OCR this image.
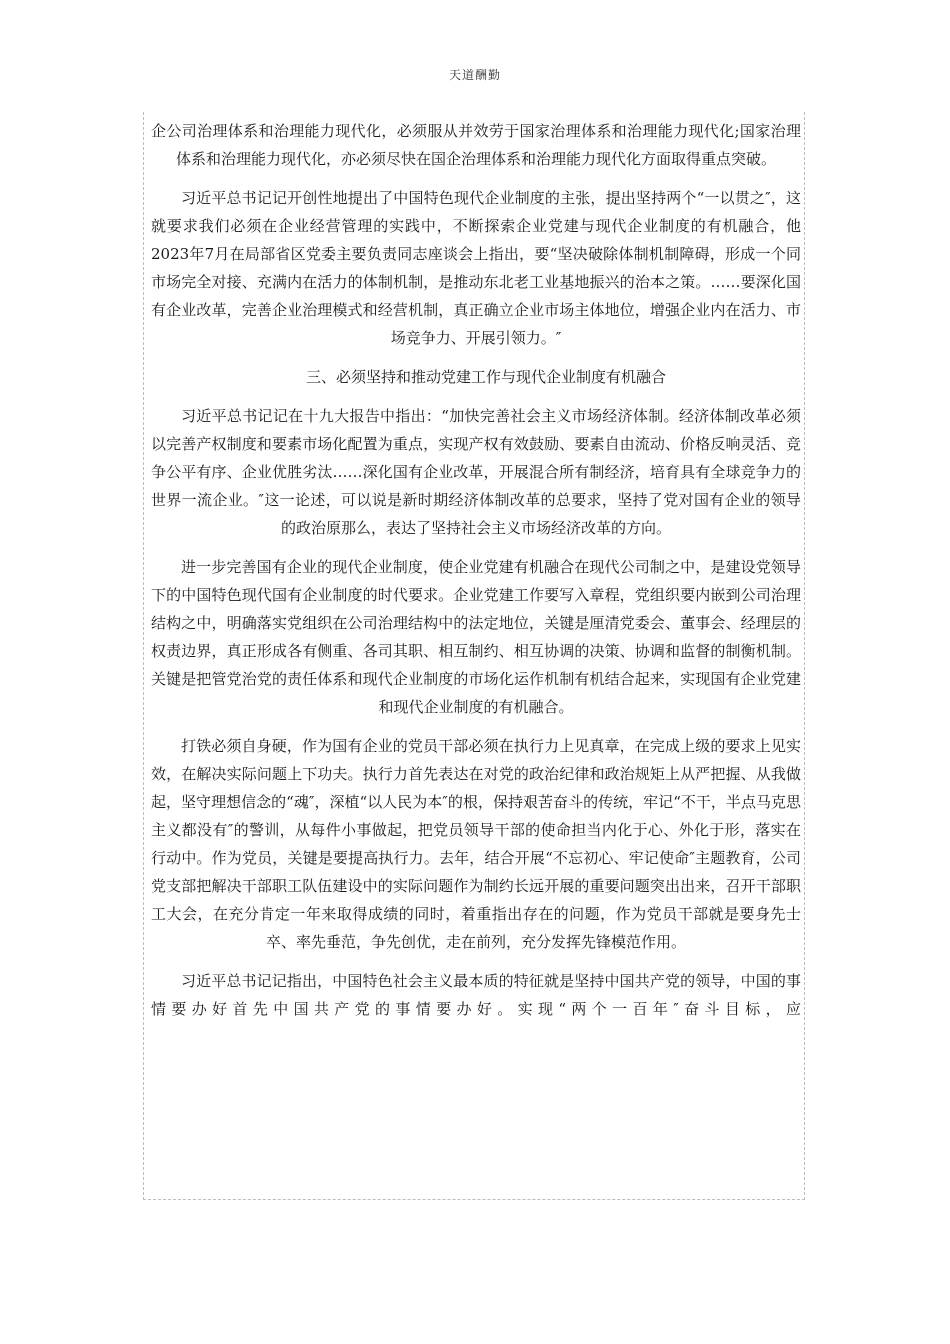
天道酬勤

企公司治理体系和治理能力现代化，必须服从并效劳于国家治理体系和治理能力现代化;国家治理体系和治理能力现代化，亦必须尽快在国企治理体系和治理能力现代化方面取得重点突破。

习近平总书记记开创性地提出了中国特色现代企业制度的主张，提出坚持两个“一以贯之″，这就要求我们必须在企业经营管理的实践中，不断探索企业党建与现代企业制度的有机融合，他2023年7月在局部省区党委主要负责同志座谈会上指出，要“坚决破除体制机制障碍，形成一个同市场完全对接、充满内在活力的体制机制，是推动东北老工业基地振兴的治本之策。……要深化国有企业改革，完善企业治理模式和经营机制，真正确立企业市场主体地位，增强企业内在活力、市场竞争力、开展引领力。″

三、必须坚持和推动党建工作与现代企业制度有机融合

习近平总书记记在十九大报告中指出：“加快完善社会主义市场经济体制。经济体制改革必须以完善产权制度和要素市场化配置为重点，实现产权有效鼓励、要素自由流动、价格反响灵活、竞争公平有序、企业优胜劣汰……深化国有企业改革，开展混合所有制经济，培育具有全球竞争力的世界一流企业。″这一论述，可以说是新时期经济体制改革的总要求，坚持了党对国有企业的领导的政治原那么，表达了坚持社会主义市场经济改革的方向。

进一步完善国有企业的现代企业制度，使企业党建有机融合在现代公司制之中，是建设党领导下的中国特色现代国有企业制度的时代要求。企业党建工作要写入章程，党组织要内嵌到公司治理结构之中，明确落实党组织在公司治理结构中的法定地位，关键是厘清党委会、董事会、经理层的权责边界，真正形成各有侧重、各司其职、相互制约、相互协调的决策、协调和监督的制衡机制。关键是把管党治党的责任体系和现代企业制度的市场化运作机制有机结合起来，实现国有企业党建和现代企业制度的有机融合。

打铁必须自身硬，作为国有企业的党员干部必须在执行力上见真章，在完成上级的要求上见实效，在解决实际问题上下功夫。执行力首先表达在对党的政治纪律和政治规矩上从严把握、从我做起，坚守理想信念的“魂″，深植“以人民为本″的根，保持艰苦奋斗的传统，牢记“不干，半点马克思主义都没有″的警训，从每件小事做起，把党员领导干部的使命担当内化于心、外化于形，落实在行动中。作为党员，关键是要提高执行力。去年，结合开展“不忘初心、牢记使命″主题教育，公司党支部把解决干部职工队伍建设中的实际问题作为制约长远开展的重要问题突出出来，召开干部职工大会，在充分肯定一年来取得成绩的同时，着重指出存在的问题，作为党员干部就是要身先士卒、率先垂范，争先创优，走在前列，充分发挥先锋模范作用。

习近平总书记记指出，中国特色社会主义最本质的特征就是坚持中国共产党的领导，中国的事情要办好首先中国共产党的事情要办好。实现“两个一百年″奋斗目标，应
